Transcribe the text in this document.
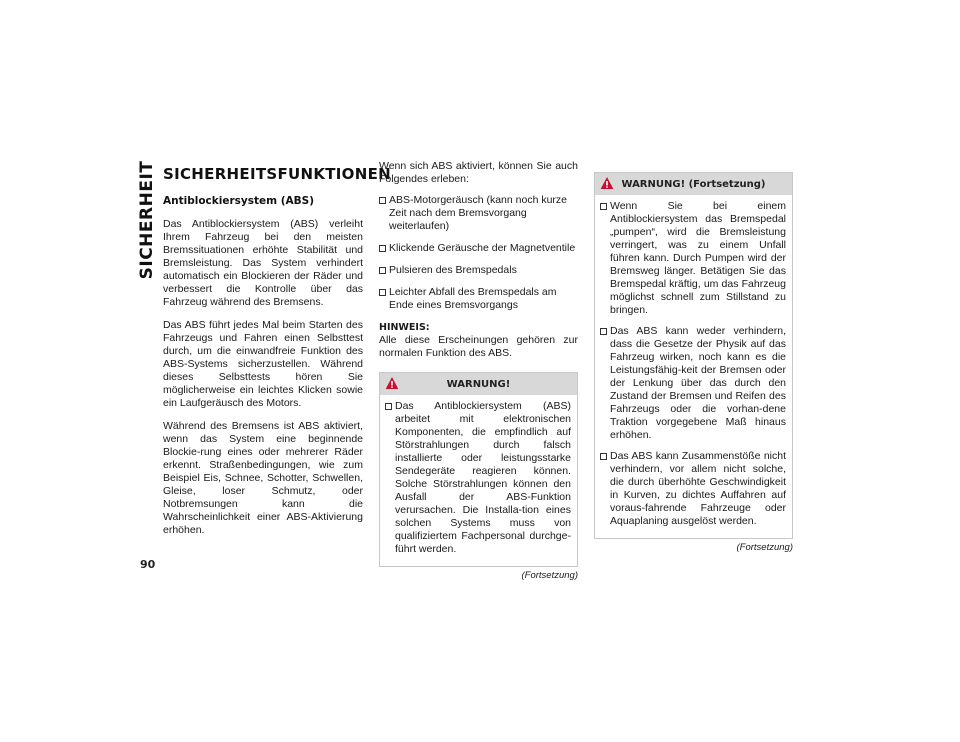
SICHERHEIT
90
SICHERHEITSFUNKTIONEN
Antiblockiersystem (ABS)

Das Antiblockiersystem (ABS) verleiht Ihrem Fahrzeug bei den meisten Bremssituationen erhöhte Stabilität und Bremsleistung. Das System verhindert automatisch ein Blockieren der Räder und verbessert die Kontrolle über das Fahrzeug während des Bremsens.

Das ABS führt jedes Mal beim Starten des Fahrzeugs und Fahren einen Selbsttest durch, um die einwandfreie Funktion des ABS-Systems sicherzustellen. Während dieses Selbsttests hören Sie möglicherweise ein leichtes Klicken sowie ein Laufgeräusch des Motors.

Während des Bremsens ist ABS aktiviert, wenn das System eine beginnende Blockie-rung eines oder mehrerer Räder erkennt. Straßenbedingungen, wie zum Beispiel Eis, Schnee, Schotter, Schwellen, Gleise, loser Schmutz, oder Notbremsungen kann die Wahrscheinlichkeit einer ABS-Aktivierung erhöhen.

Wenn sich ABS aktiviert, können Sie auch Folgendes erleben:

ABS-Motorgeräusch (kann noch kurze Zeit nach dem Bremsvorgang weiterlaufen)
Klickende Geräusche der Magnetventile
Pulsieren des Bremspedals
Leichter Abfall des Bremspedals am Ende eines Bremsvorgangs
HINWEIS:

Alle diese Erscheinungen gehören zur normalen Funktion des ABS.

WARNUNG!
Das Antiblockiersystem (ABS) arbeitet mit elektronischen Komponenten, die empfindlich auf Störstrahlungen durch falsch installierte oder leistungsstarke Sendegeräte reagieren können. Solche Störstrahlungen können den Ausfall der ABS-Funktion verursachen. Die Installa-tion eines solchen Systems muss von qualifiziertem Fachpersonal durchge-führt werden.
(Fortsetzung)
WARNUNG! (Fortsetzung)
Wenn Sie bei einem Antiblockiersystem das Bremspedal „pumpen“, wird die Bremsleistung verringert, was zu einem Unfall führen kann. Durch Pumpen wird der Bremsweg länger. Betätigen Sie das Bremspedal kräftig, um das Fahrzeug möglichst schnell zum Stillstand zu bringen.
Das ABS kann weder verhindern, dass die Gesetze der Physik auf das Fahrzeug wirken, noch kann es die Leistungsfähig-keit der Bremsen oder der Lenkung über das durch den Zustand der Bremsen und Reifen des Fahrzeugs oder die vorhan-dene Traktion vorgegebene Maß hinaus erhöhen.
Das ABS kann Zusammenstöße nicht verhindern, vor allem nicht solche, die durch überhöhte Geschwindigkeit in Kurven, zu dichtes Auffahren auf voraus-fahrende Fahrzeuge oder Aquaplaning ausgelöst werden.
(Fortsetzung)
